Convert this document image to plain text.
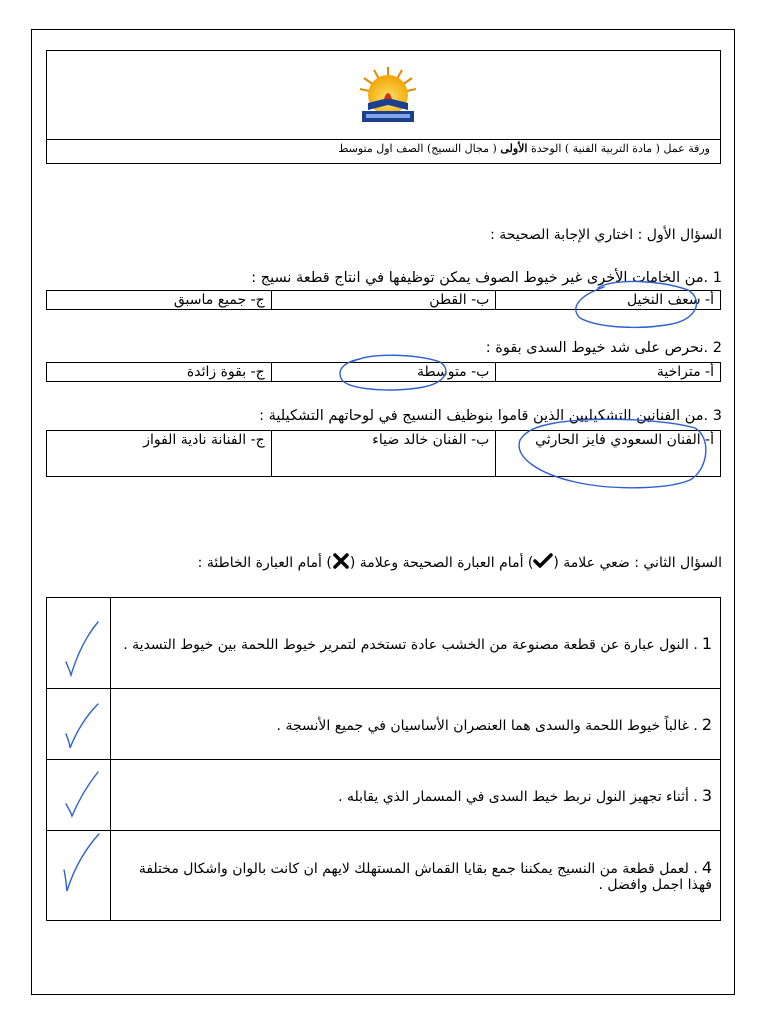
ورقة عمل ( مادة التربية الفنية ) الوحدة الأولى ( مجال النسيج) الصف اول متوسط
السؤال الأول : اختاري الإجابة الصحيحة :
1 .من الخامات الأخرى غير خيوط الصوف يمكن توظيفها في انتاج قطعة نسيج :
أ- سعف النخيل	ب- القطن	ج- جميع ماسبق
2 .نحرص على شد خيوط السدى بقوة :
أ- متراخية	ب- متوسطة	ج- بقوة زائدة
3 .من الفنانين التشكيليين الذين قاموا بنوظيف النسيج في لوحاتهم التشكيلية :
أ- الفنان السعودي فايز الحارثي	ب- الفنان خالد ضياء	ج- الفنانة نادية الفواز
السؤال الثاني : ضعي علامة () أمام العبارة الصحيحة وعلامة () أمام العبارة الخاطئة :
1. النول عبارة عن قطعة مصنوعة من الخشب عادة تستخدم لتمرير خيوط اللحمة بين خيوط التسدية .	
2. غالباً خيوط اللحمة والسدى هما العنصران الأساسيان في جميع الأنسجة .	
3. أثناء تجهيز النول نربط خيط السدى في المسمار الذي يقابله .	
4. لعمل قطعة من النسيج يمكننا جمع بقايا القماش المستهلك لايهم ان كانت بالوان واشكال مختلفة فهذا اجمل وافضل .	
